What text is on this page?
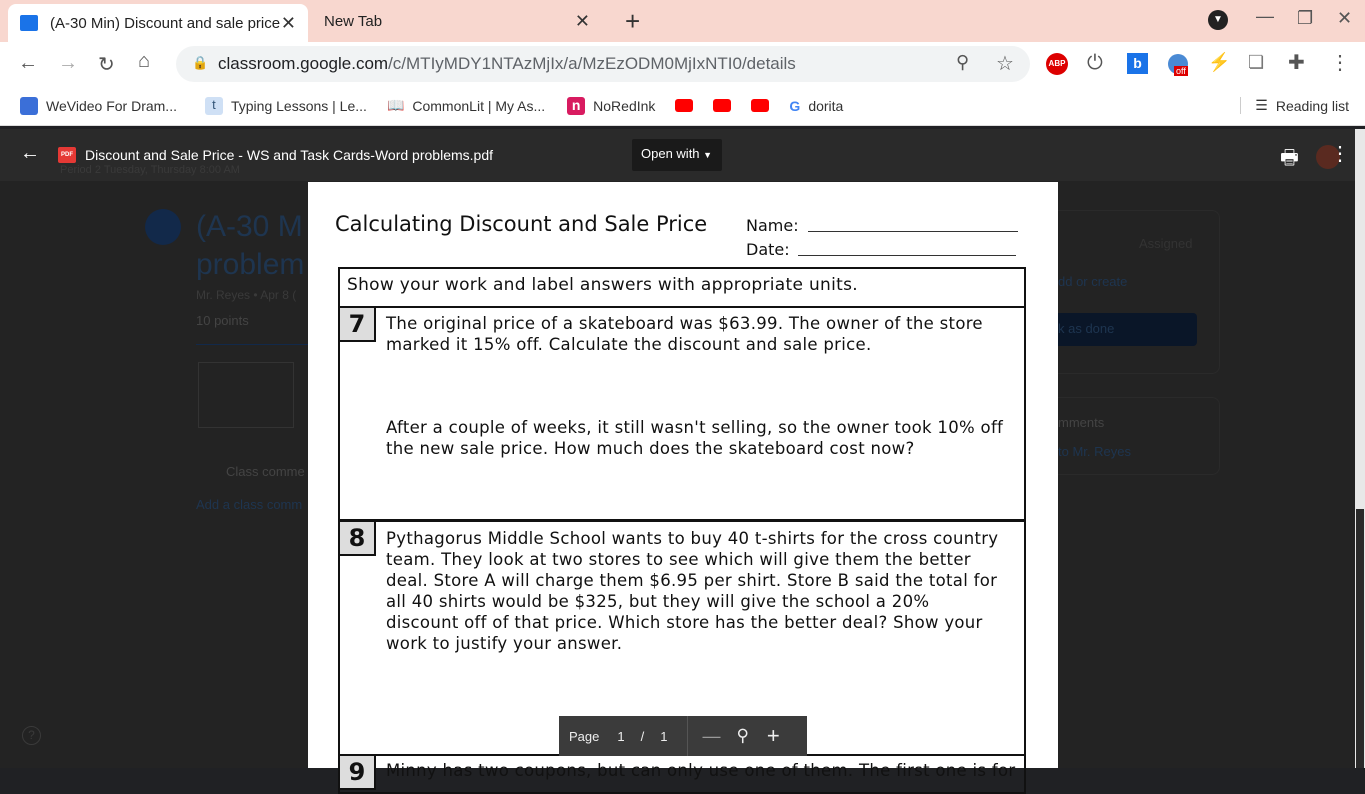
(A-30 Min) Discount and sale price ✕ New Tab	✕ +	▼ — ❐ ✕
← → ↻ ⌂	🔒 classroom.google.com /c/MTIyMDY1NTAzMjIx/a/MzEzODM0MjIxNTI0/details	⚲ ☆	ABP ⏻	b	off ⚡ ❏ ✚ ⋮
WeVideo For Dram...	t	Typing Lessons | Le... 📖 CommonLit | My As...	n NoRedInk	G dorita	☰ Reading list
Period 2 Tuesday, Thursday 8:00 AM
(A-30 M
problem
Mr. Reyes • Apr 8 (
10 points
Class comme
Add a class comm
Assigned
dd or create
k as done
mments
to Mr. Reyes
?
←	PDF Discount and Sale Price - WS and Task Cards-Word problems.pdf	Open with ▼	🖶 ⋮
Calculating Discount and Sale Price Name:
Date:
Show your work and label answers with appropriate units.
7	The original price of a skateboard was $63.99. The owner of the store marked it 15% off. Calculate the discount and sale price.
After a couple of weeks, it still wasn't selling, so the owner took 10% off the new sale price. How much does the skateboard cost now?
8	Pythagorus Middle School wants to buy 40 t-shirts for the cross country team. They look at two stores to see which will give them the better deal. Store A will charge them $6.95 per shirt. Store B said the total for all 40 shirts would be $325, but they will give the school a 20% discount off of that price. Which store has the better deal? Show your work to justify your answer.
9	Minny has two coupons, but can only use one of them. The first one is for
Page 1 / 1 — ⚲ +
